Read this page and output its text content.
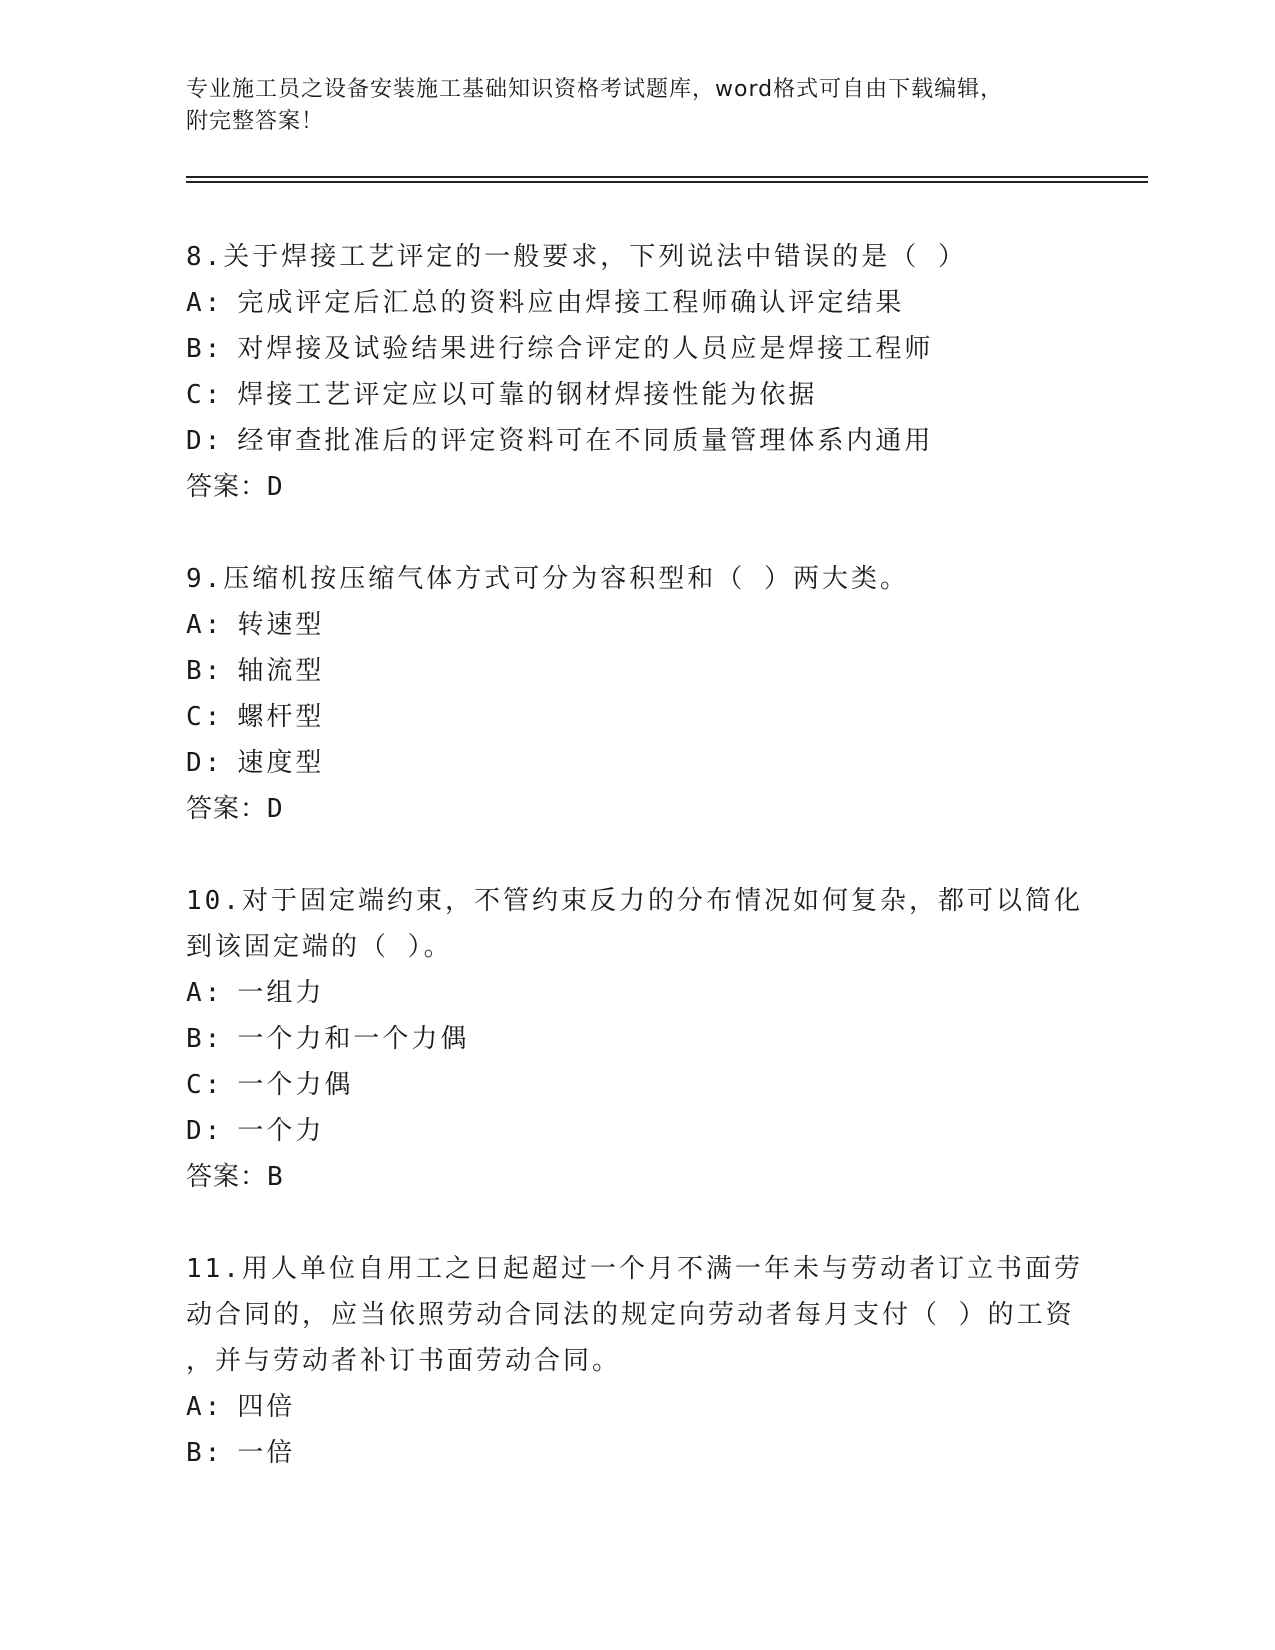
专业施工员之设备安装施工基础知识资格考试题库，word格式可自由下载编辑，
附完整答案！
8.关于焊接工艺评定的一般要求，下列说法中错误的是（ ）
A: 完成评定后汇总的资料应由焊接工程师确认评定结果
B: 对焊接及试验结果进行综合评定的人员应是焊接工程师
C: 焊接工艺评定应以可靠的钢材焊接性能为依据
D: 经审查批准后的评定资料可在不同质量管理体系内通用
答案：D
9.压缩机按压缩气体方式可分为容积型和（ ）两大类。
A: 转速型
B: 轴流型
C: 螺杆型
D: 速度型
答案：D
10.对于固定端约束，不管约束反力的分布情况如何复杂，都可以简化
到该固定端的（ ）。
A: 一组力
B: 一个力和一个力偶
C: 一个力偶
D: 一个力
答案：B
11.用人单位自用工之日起超过一个月不满一年未与劳动者订立书面劳
动合同的，应当依照劳动合同法的规定向劳动者每月支付（ ）的工资
，并与劳动者补订书面劳动合同。
A: 四倍
B: 一倍
